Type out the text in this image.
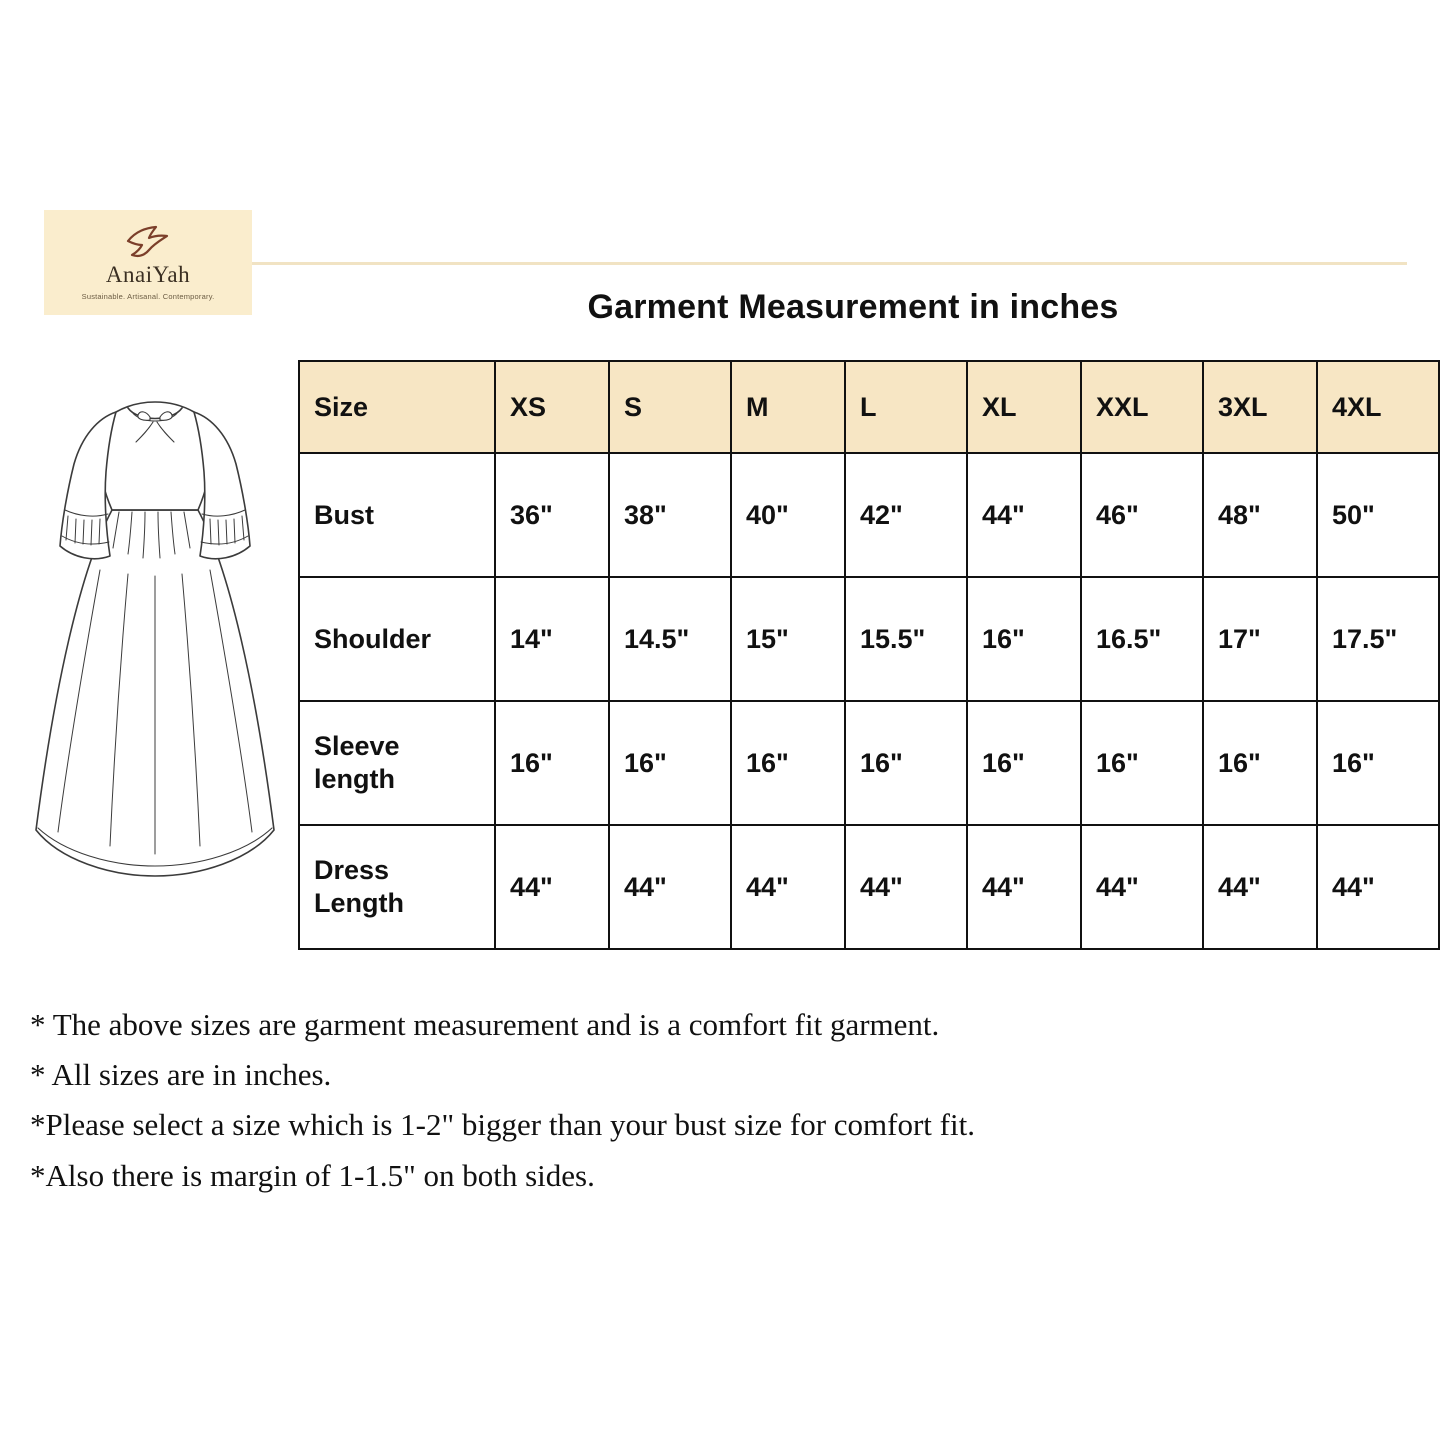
AnaiYah
Sustainable. Artisanal. Contemporary.	Garment Measurement in inches
Size	XS	S	M	L	XL	XXL	3XL	4XL
Bust	36"	38"	40"	42"	44"	46"	48"	50"
Shoulder	14"	14.5"	15"	15.5"	16"	16.5"	17"	17.5"
Sleeve length	16"	16"	16"	16"	16"	16"	16"	16"
Dress Length	44"	44"	44"	44"	44"	44"	44"	44"
* The above sizes are garment measurement and is a comfort fit garment.
* All sizes are in inches.
*Please select a size which is 1-2" bigger than your bust size for comfort fit.
*Also there is margin of 1-1.5" on both sides.
